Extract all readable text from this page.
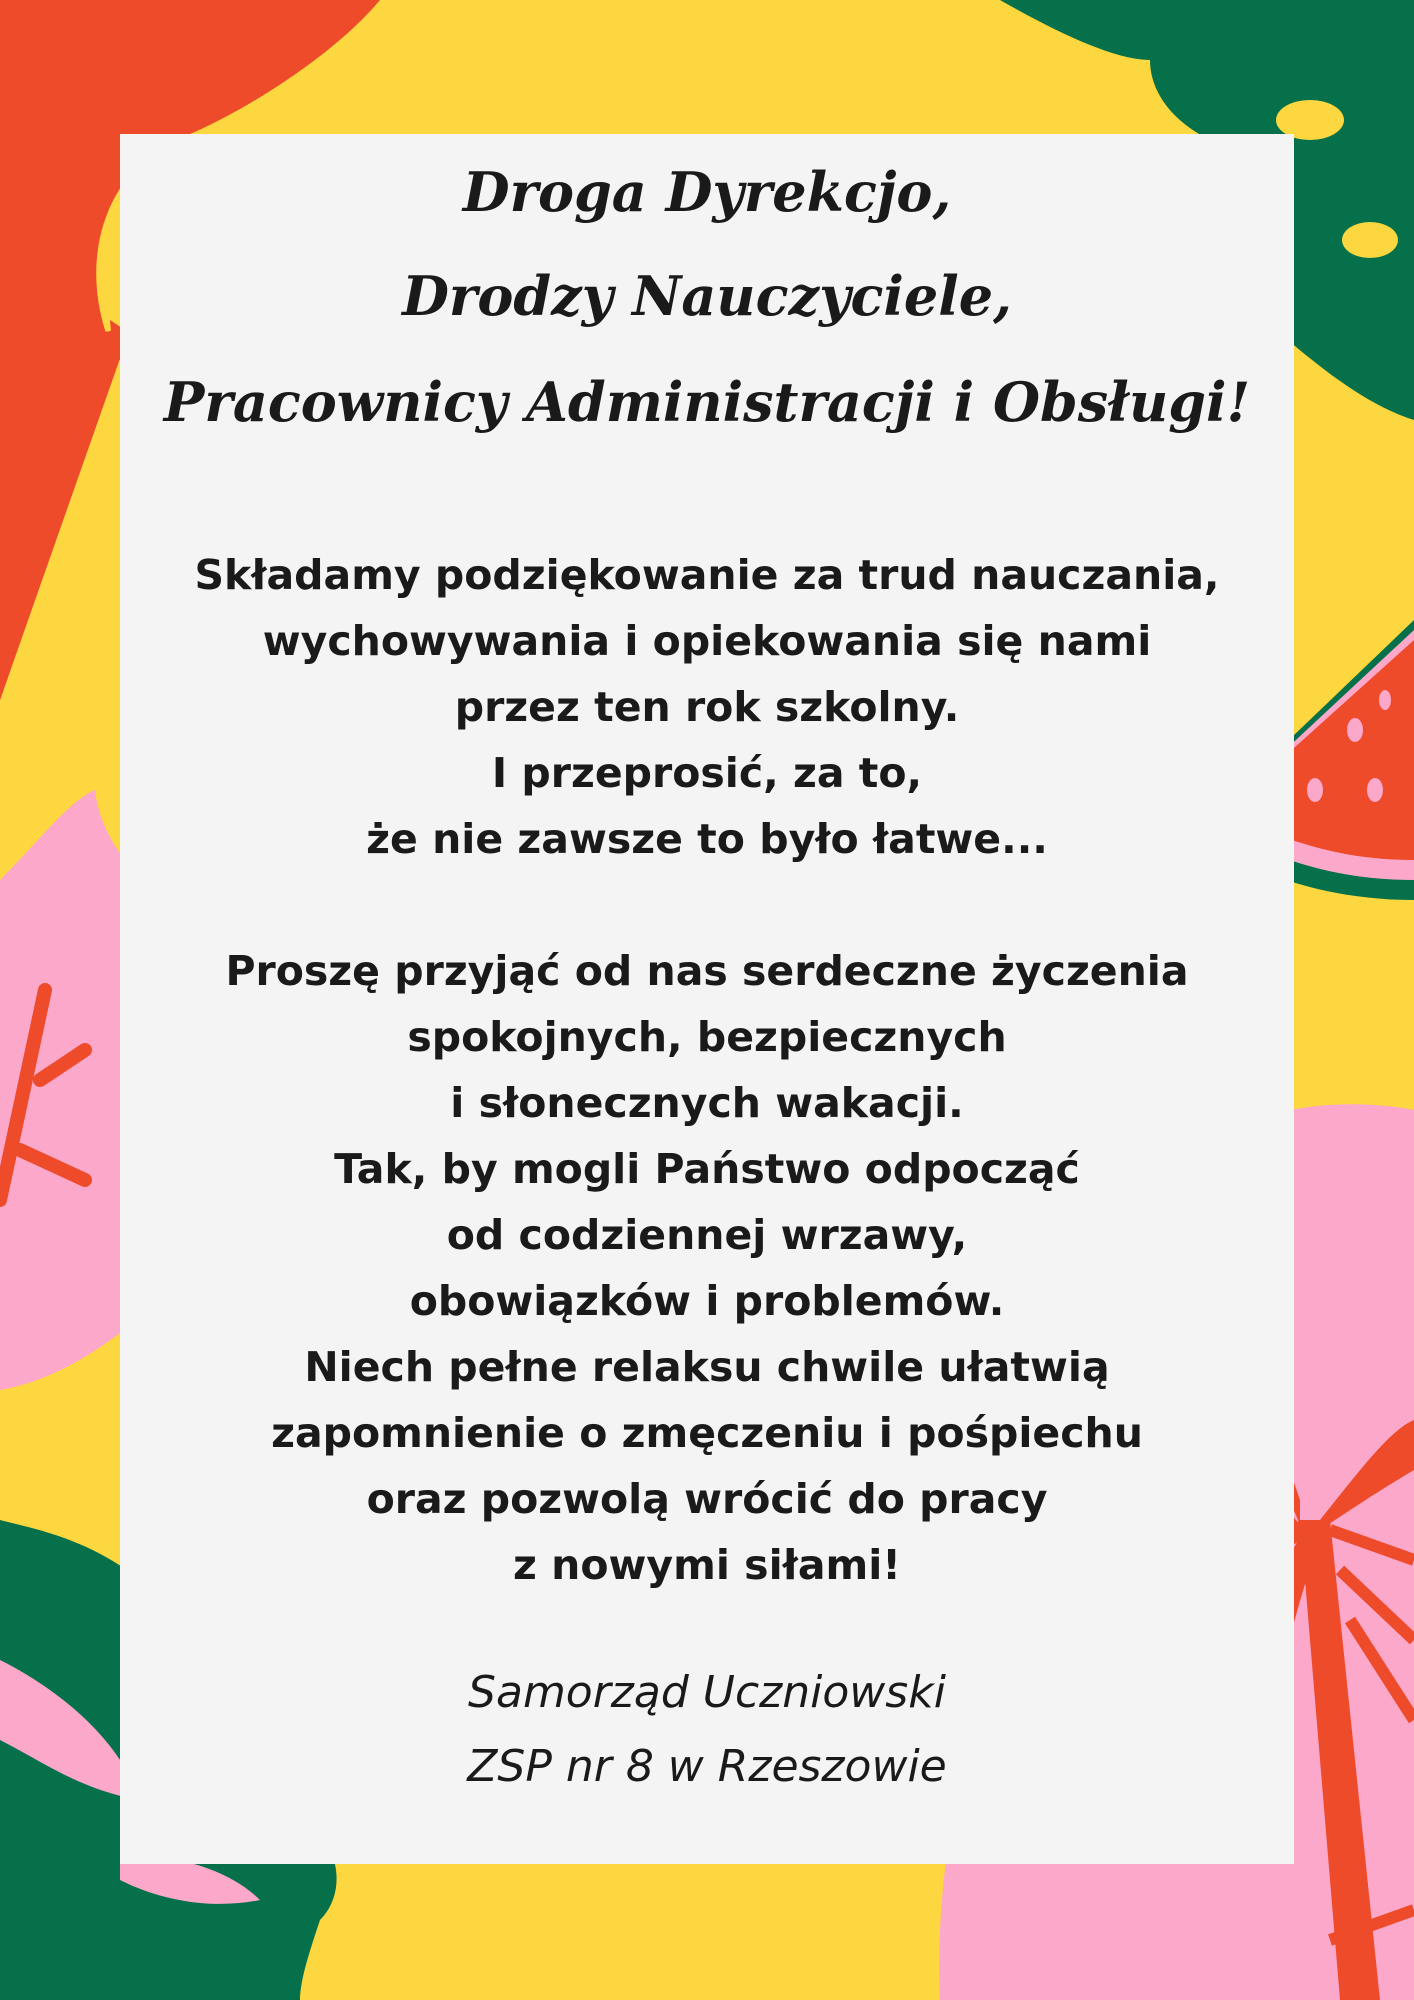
Droga Dyrekcjo,
Drodzy Nauczyciele,
Pracownicy Administracji i Obsługi!
Składamy podziękowanie za trud nauczania,
wychowywania i opiekowania się nami
przez ten rok szkolny.
I przeprosić, za to,
że nie zawsze to było łatwe...
Proszę przyjąć od nas serdeczne życzenia
spokojnych, bezpiecznych
i słonecznych wakacji.
Tak, by mogli Państwo odpocząć
od codziennej wrzawy,
obowiązków i problemów.
Niech pełne relaksu chwile ułatwią
zapomnienie o zmęczeniu i pośpiechu
oraz pozwolą wrócić do pracy
z nowymi siłami!
Samorząd Uczniowski
ZSP nr 8 w Rzeszowie
